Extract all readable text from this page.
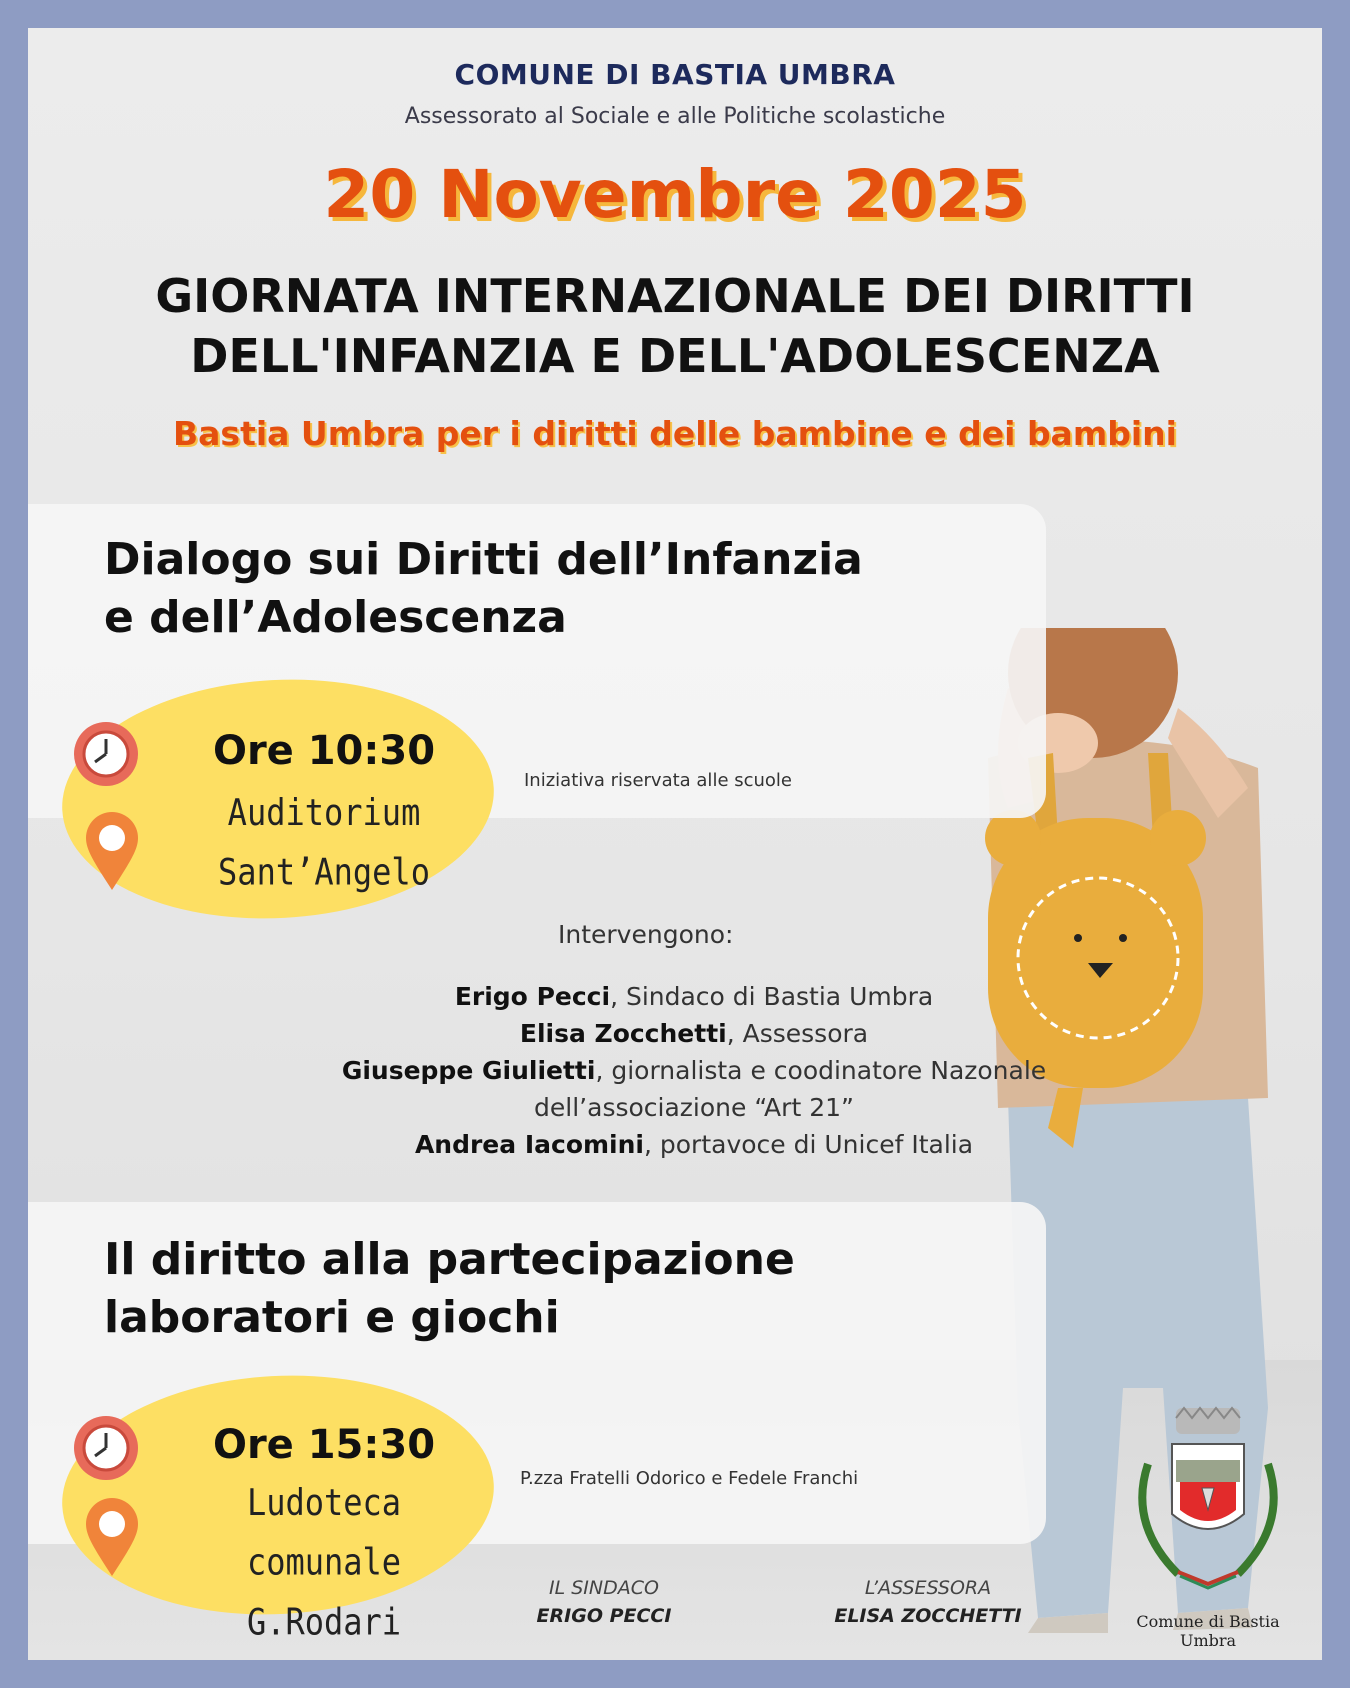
COMUNE DI BASTIA UMBRA
Assessorato al Sociale e alle Politiche scolastiche
20 Novembre 2025
GIORNATA INTERNAZIONALE DEI DIRITTI
DELL'INFANZIA E DELL'ADOLESCENZA
Bastia Umbra per i diritti delle bambine e dei bambini
Dialogo sui Diritti dell’Infanzia
e dell’Adolescenza
Ore 10:30
Auditorium
Sant’Angelo
Iniziativa riservata alle scuole
Intervengono:
Erigo Pecci, Sindaco di Bastia Umbra
Elisa Zocchetti, Assessora
Giuseppe Giulietti, giornalista e coodinatore Nazonale
dell’associazione “Art 21”
Andrea Iacomini, portavoce di Unicef Italia
Il diritto alla partecipazione
laboratori e giochi
Ore 15:30
Ludoteca comunale
G.Rodari
P.zza Fratelli Odorico e Fedele Franchi
IL SINDACO
ERIGO PECCI
L’ASSESSORA
ELISA ZOCCHETTI	Comune di Bastia Umbra
